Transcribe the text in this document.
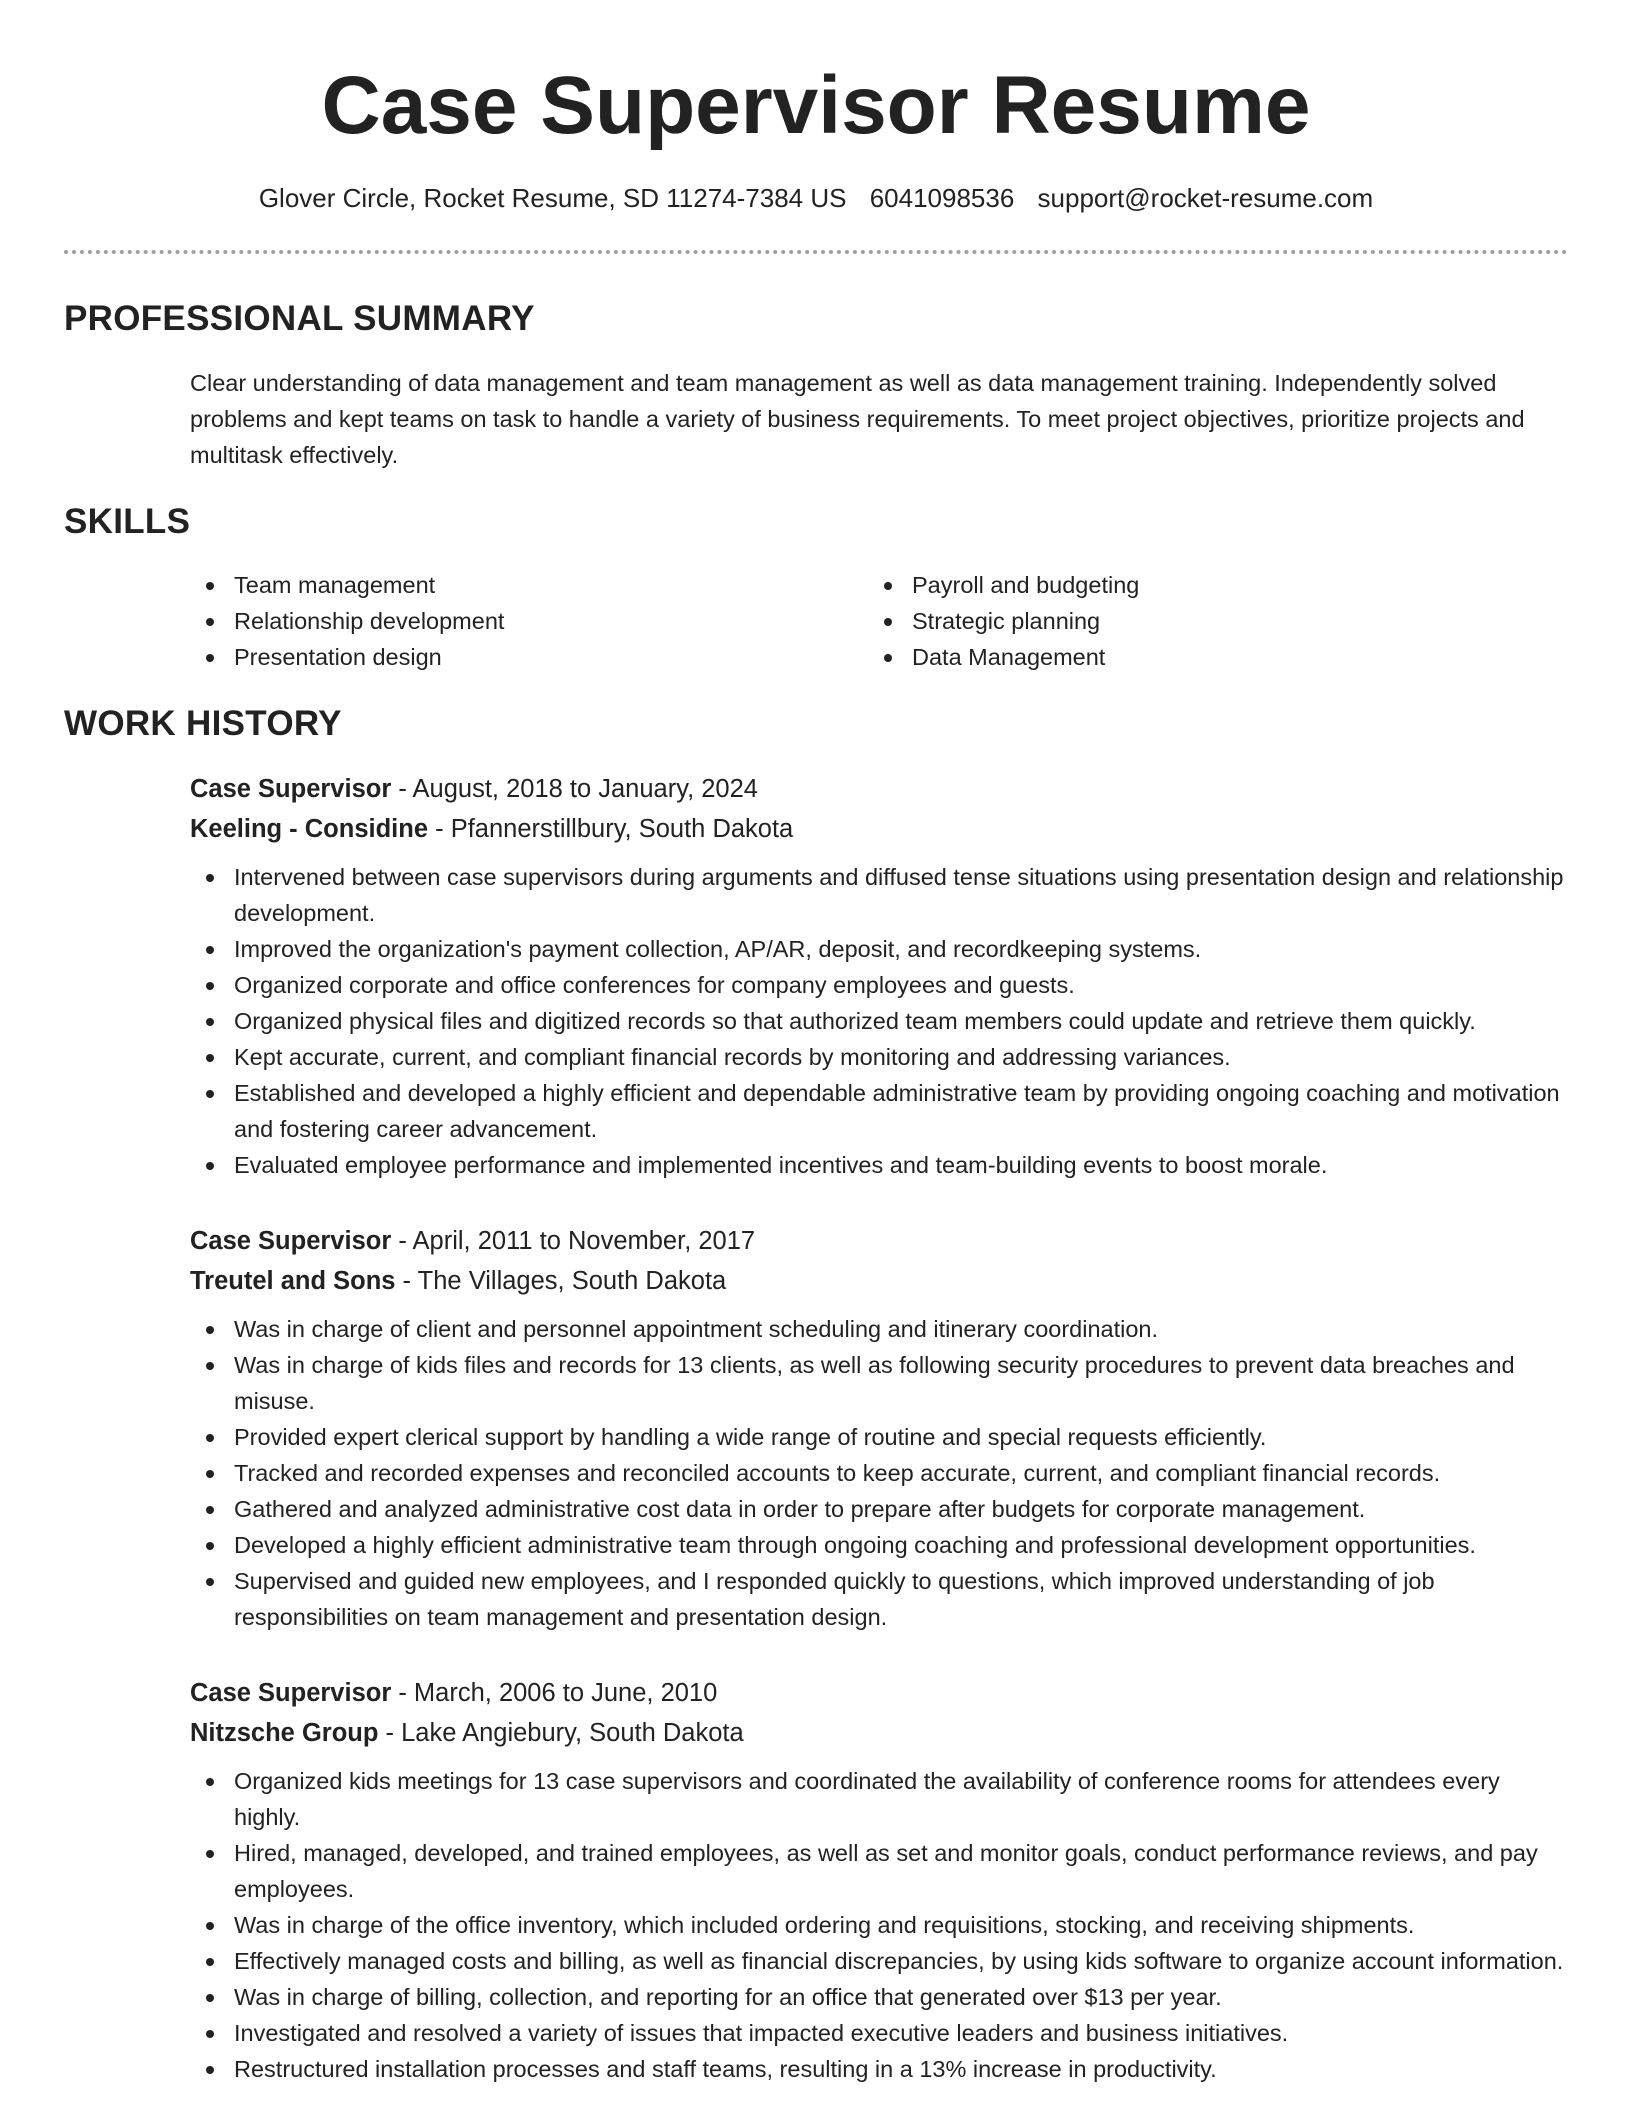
Case Supervisor Resume
Glover Circle, Rocket Resume, SD 11274-7384 US 6041098536 support@rocket-resume.com
PROFESSIONAL SUMMARY

Clear understanding of data management and team management as well as data management training. Independently solved problems and kept teams on task to handle a variety of business requirements. To meet project objectives, prioritize projects and multitask effectively.

SKILLS
Team management
Relationship development
Presentation design
Payroll and budgeting
Strategic planning
Data Management
WORK HISTORY

Case Supervisor - August, 2018 to January, 2024

Keeling - Considine - Pfannerstillbury, South Dakota

Intervened between case supervisors during arguments and diffused tense situations using presentation design and relationship development.
Improved the organization's payment collection, AP/AR, deposit, and recordkeeping systems.
Organized corporate and office conferences for company employees and guests.
Organized physical files and digitized records so that authorized team members could update and retrieve them quickly.
Kept accurate, current, and compliant financial records by monitoring and addressing variances.
Established and developed a highly efficient and dependable administrative team by providing ongoing coaching and motivation and fostering career advancement.
Evaluated employee performance and implemented incentives and team-building events to boost morale.

Case Supervisor - April, 2011 to November, 2017

Treutel and Sons - The Villages, South Dakota

Was in charge of client and personnel appointment scheduling and itinerary coordination.
Was in charge of kids files and records for 13 clients, as well as following security procedures to prevent data breaches and misuse.
Provided expert clerical support by handling a wide range of routine and special requests efficiently.
Tracked and recorded expenses and reconciled accounts to keep accurate, current, and compliant financial records.
Gathered and analyzed administrative cost data in order to prepare after budgets for corporate management.
Developed a highly efficient administrative team through ongoing coaching and professional development opportunities.
Supervised and guided new employees, and I responded quickly to questions, which improved understanding of job responsibilities on team management and presentation design.

Case Supervisor - March, 2006 to June, 2010

Nitzsche Group - Lake Angiebury, South Dakota

Organized kids meetings for 13 case supervisors and coordinated the availability of conference rooms for attendees every highly.
Hired, managed, developed, and trained employees, as well as set and monitor goals, conduct performance reviews, and pay employees.
Was in charge of the office inventory, which included ordering and requisitions, stocking, and receiving shipments.
Effectively managed costs and billing, as well as financial discrepancies, by using kids software to organize account information.
Was in charge of billing, collection, and reporting for an office that generated over $13 per year.
Investigated and resolved a variety of issues that impacted executive leaders and business initiatives.
Restructured installation processes and staff teams, resulting in a 13% increase in productivity.
